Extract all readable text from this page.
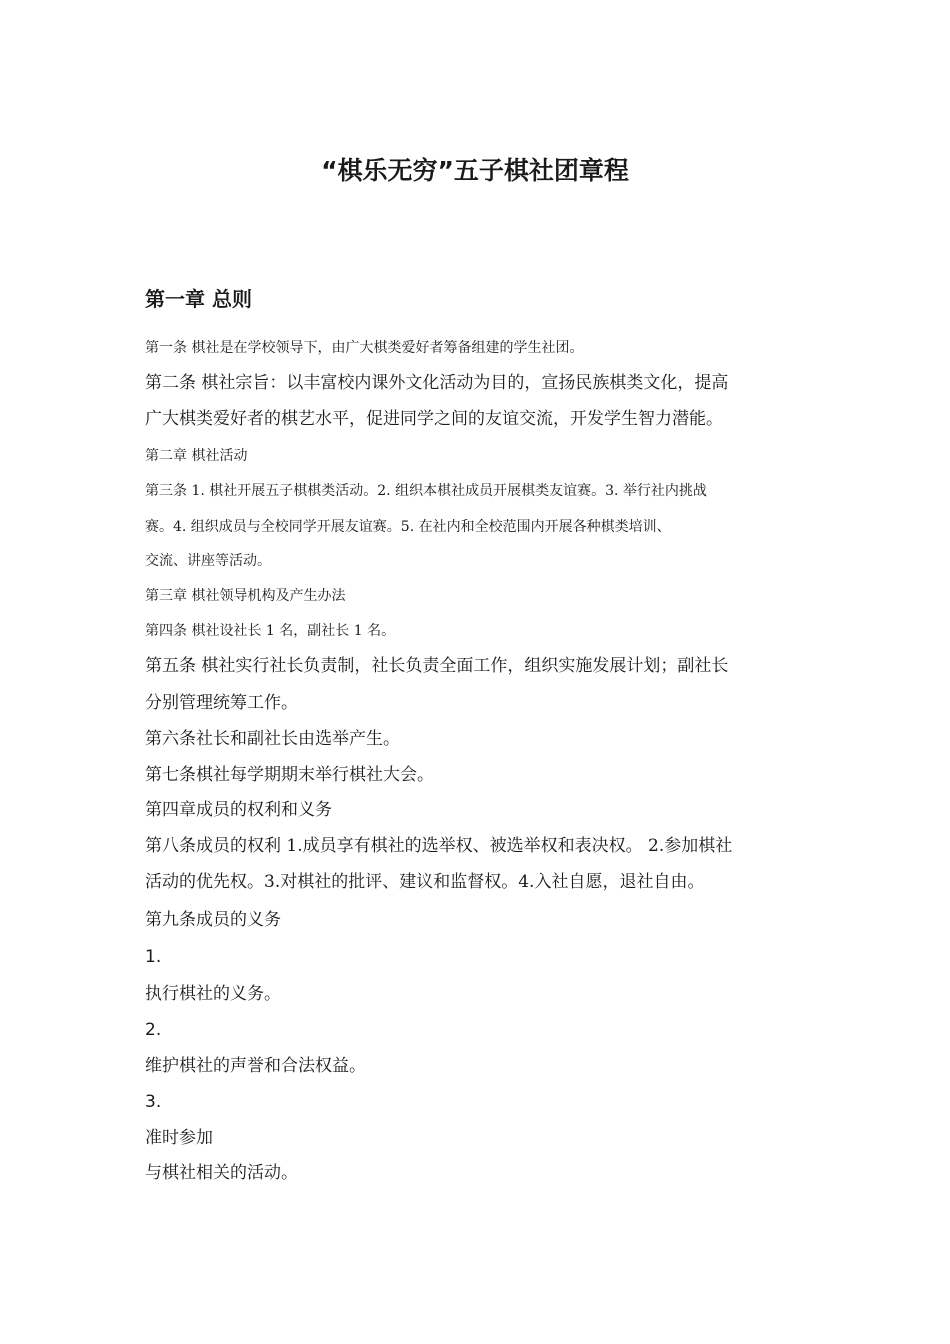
“棋乐无穷”五子棋社团章程
第一章 总则

第一条 棋社是在学校领导下，由广大棋类爱好者筹备组建的学生社团。

第二条 棋社宗旨：以丰富校内课外文化活动为目的，宣扬民族棋类文化，提高

广大棋类爱好者的棋艺水平，促进同学之间的友谊交流，开发学生智力潜能。

第二章 棋社活动

第三条 1. 棋社开展五子棋棋类活动。2. 组织本棋社成员开展棋类友谊赛。3. 举行社内挑战

赛。4. 组织成员与全校同学开展友谊赛。5. 在社内和全校范围内开展各种棋类培训、

交流、讲座等活动。

第三章 棋社领导机构及产生办法

第四条 棋社设社长 1 名，副社长 1 名。

第五条 棋社实行社长负责制，社长负责全面工作，组织实施发展计划；副社长

分别管理统筹工作。

第六条社长和副社长由选举产生。

第七条棋社每学期期末举行棋社大会。

第四章成员的权利和义务

第八条成员的权利 1.成员享有棋社的选举权、被选举权和表决权。 2.参加棋社

活动的优先权。3.对棋社的批评、建议和监督权。4.入社自愿，退社自由。

第九条成员的义务

1.

执行棋社的义务。

2.

维护棋社的声誉和合法权益。

3.

准时参加

与棋社相关的活动。
